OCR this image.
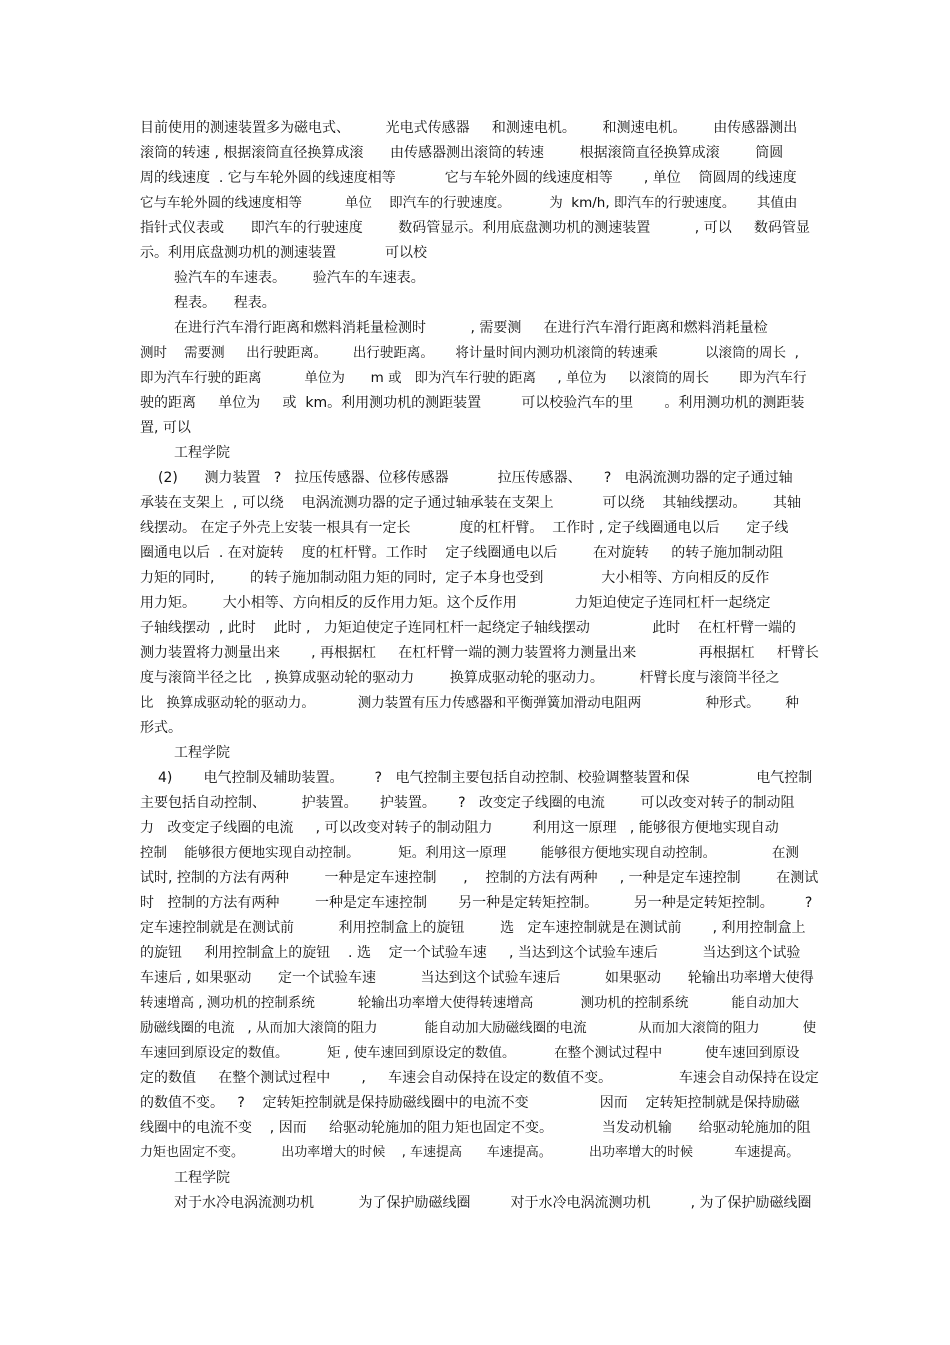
目前使用的测速装置多为磁电式、        光电式传感器     和测速电机。      和测速电机。      由传感器测出
滚筒的转速 , 根据滚筒直径换算成滚      由传感器测出滚筒的转速        根据滚筒直径换算成滚        筒圆
周的线速度  . 它与车轮外圆的线速度相等           它与车轮外圆的线速度相等       , 单位    筒圆周的线速度
它与车轮外圆的线速度相等          单位    即汽车的行驶速度。         为  km/h, 即汽车的行驶速度。     其值由
指针式仪表或      即汽车的行驶速度        数码管显示。利用底盘测功机的测速装置          , 可以     数码管显
示。利用底盘测功机的测速装置           可以校
验汽车的车速表。      验汽车的车速表。
程表。    程表。
在进行汽车滑行距离和燃料消耗量检测时          , 需要测     在进行汽车滑行距离和燃料消耗量检
测时    需要测     出行驶距离。      出行驶距离。     将计量时间内测功机滚筒的转速乘           以滚筒的周长  ,
即为汽车行驶的距离          单位为      m 或   即为汽车行驶的距离     , 单位为     以滚筒的周长       即为汽车行
驶的距离     单位为     或  km。利用测功机的测距装置         可以校验汽车的里       。利用测功机的测距装
置, 可以
工程学院
(2)      测力装置   ?   拉压传感器、位移传感器           拉压传感器、     ?   电涡流测功器的定子通过轴
承装在支架上  , 可以绕    电涡流测功器的定子通过轴承装在支架上           可以绕    其轴线摆动。      其轴
线摆动。 在定子外壳上安装一根具有一定长           度的杠杆臂。  工作时 , 定子线圈通电以后      定子线
圈通电以后  . 在对旋转    度的杠杆臂。工作时    定子线圈通电以后        在对旋转     的转子施加制动阻
力矩的同时,        的转子施加制动阻力矩的同时,  定子本身也受到             大小相等、方向相反的反作
用力矩。      大小相等、方向相反的反作用力矩。这个反作用             力矩迫使定子连同杠杆一起绕定
子轴线摆动  , 此时    此时 ,   力矩迫使定子连同杠杆一起绕定子轴线摆动              此时    在杠杆臂一端的
测力装置将力测量出来       , 再根据杠     在杠杆臂一端的测力装置将力测量出来              再根据杠     杆臂长
度与滚筒半径之比   , 换算成驱动轮的驱动力        换算成驱动轮的驱动力。        杆臂长度与滚筒半径之
比   换算成驱动轮的驱动力。          测力装置有压力传感器和平衡弹簧加滑动电阻两               种形式。      种
形式。
工程学院
4)       电气控制及辅助装置。       ?   电气控制主要包括自动控制、校验调整装置和保               电气控制
主要包括自动控制、        护装置。     护装置。     ?   改变定子线圈的电流        可以改变对转子的制动阻
力   改变定子线圈的电流     , 可以改变对转子的制动阻力         利用这一原理   , 能够很方便地实现自动
控制    能够很方便地实现自动控制。         矩。利用这一原理        能够很方便地实现自动控制。             在测
试时, 控制的方法有两种        一种是定车速控制      ,    控制的方法有两种     , 一种是定车速控制        在测试
时   控制的方法有两种        一种是定车速控制       另一种是定转矩控制。        另一种是定转矩控制。       ?
定车速控制就是在测试前          利用控制盒上的旋钮        选   定车速控制就是在测试前       , 利用控制盒上
的旋钮     利用控制盒上的旋钮    . 选    定一个试验车速     , 当达到这个试验车速后          当达到这个试验
车速后 , 如果驱动      定一个试验车速          当达到这个试验车速后          如果驱动      轮输出功率增大使得
转速增高 , 测功机的控制系统          轮输出功率增大使得转速增高           测功机的控制系统          能自动加大
励磁线圈的电流   , 从而加大滚筒的阻力           能自动加大励磁线圈的电流            从而加大滚筒的阻力          使
车速回到原设定的数值。         矩 , 使车速回到原设定的数值。         在整个测试过程中          使车速回到原设
定的数值     在整个测试过程中       ,     车速会自动保持在设定的数值不变。               车速会自动保持在设定
的数值不变。   ?    定转矩控制就是保持励磁线圈中的电流不变                因而    定转矩控制就是保持励磁
线圈中的电流不变    , 因而     给驱动轮施加的阻力矩也固定不变。           当发动机输      给驱动轮施加的阻
力矩也固定不变。         出功率增大的时候    , 车速提高      车速提高。         出功率增大的时候          车速提高。
工程学院
对于水冷电涡流测功机          为了保护励磁线圈         对于水冷电涡流测功机         , 为了保护励磁线圈
